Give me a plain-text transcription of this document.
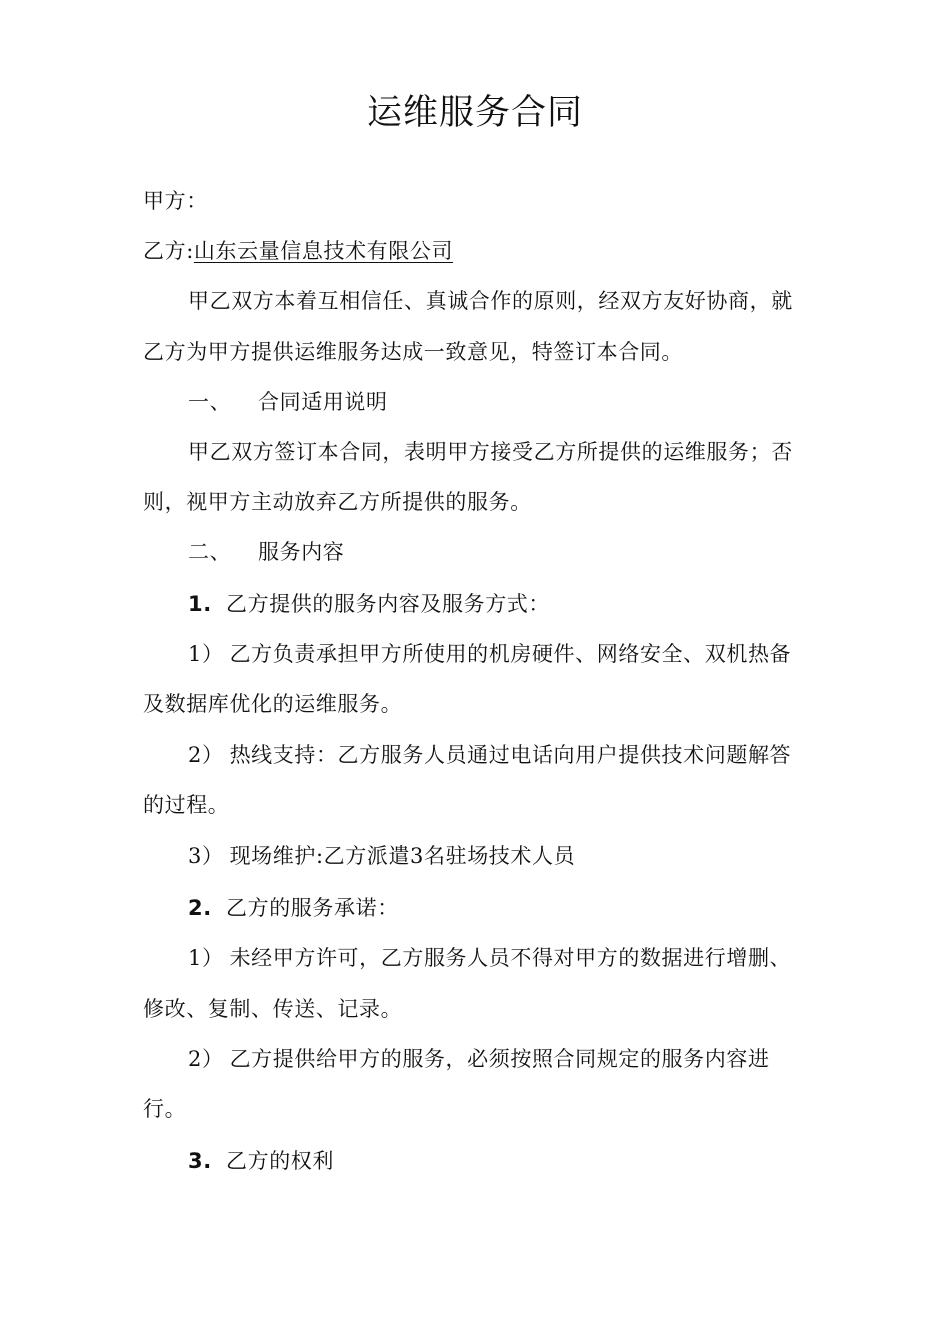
运维服务合同
甲方：
乙方:山东云量信息技术有限公司
甲乙双方本着互相信任、真诚合作的原则，经双方友好协商，就
乙方为甲方提供运维服务达成一致意见，特签订本合同。
一、 合同适用说明
甲乙双方签订本合同，表明甲方接受乙方所提供的运维服务；否
则，视甲方主动放弃乙方所提供的服务。
二、 服务内容
1. 乙方提供的服务内容及服务方式：
1） 乙方负责承担甲方所使用的机房硬件、网络安全、双机热备
及数据库优化的运维服务。
2） 热线支持：乙方服务人员通过电话向用户提供技术问题解答
的过程。
3） 现场维护:乙方派遣3名驻场技术人员
2. 乙方的服务承诺：
1） 未经甲方许可，乙方服务人员不得对甲方的数据进行增删、
修改、复制、传送、记录。
2） 乙方提供给甲方的服务，必须按照合同规定的服务内容进
行。
3. 乙方的权利
